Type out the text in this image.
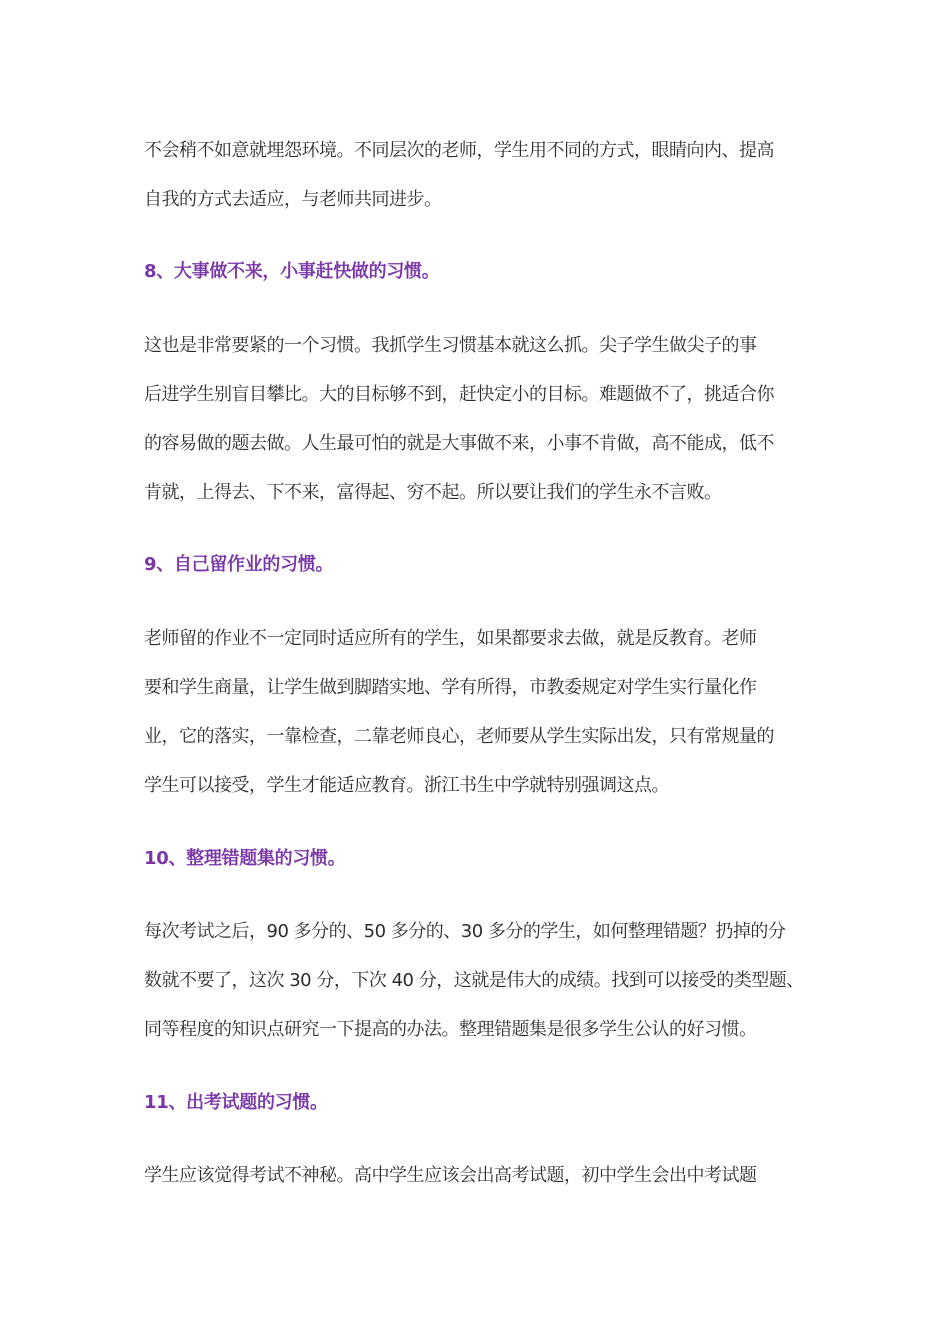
不会稍不如意就埋怨环境。不同层次的老师，学生用不同的方式，眼睛向内、提高
自我的方式去适应，与老师共同进步。
8、大事做不来，小事赶快做的习惯。
这也是非常要紧的一个习惯。我抓学生习惯基本就这么抓。尖子学生做尖子的事
后进学生别盲目攀比。大的目标够不到，赶快定小的目标。难题做不了，挑适合你
的容易做的题去做。人生最可怕的就是大事做不来，小事不肯做，高不能成，低不
肯就，上得去、下不来，富得起、穷不起。所以要让我们的学生永不言败。
9、自己留作业的习惯。
老师留的作业不一定同时适应所有的学生，如果都要求去做，就是反教育。老师
要和学生商量，让学生做到脚踏实地、学有所得，市教委规定对学生实行量化作
业，它的落实，一靠检查，二靠老师良心，老师要从学生实际出发，只有常规量的
学生可以接受，学生才能适应教育。浙江书生中学就特别强调这点。
10、整理错题集的习惯。
每次考试之后，90 多分的、50 多分的、30 多分的学生，如何整理错题？扔掉的分
数就不要了，这次 30 分，下次 40 分，这就是伟大的成绩。找到可以接受的类型题、
同等程度的知识点研究一下提高的办法。整理错题集是很多学生公认的好习惯。
11、出考试题的习惯。
学生应该觉得考试不神秘。高中学生应该会出高考试题，初中学生会出中考试题
